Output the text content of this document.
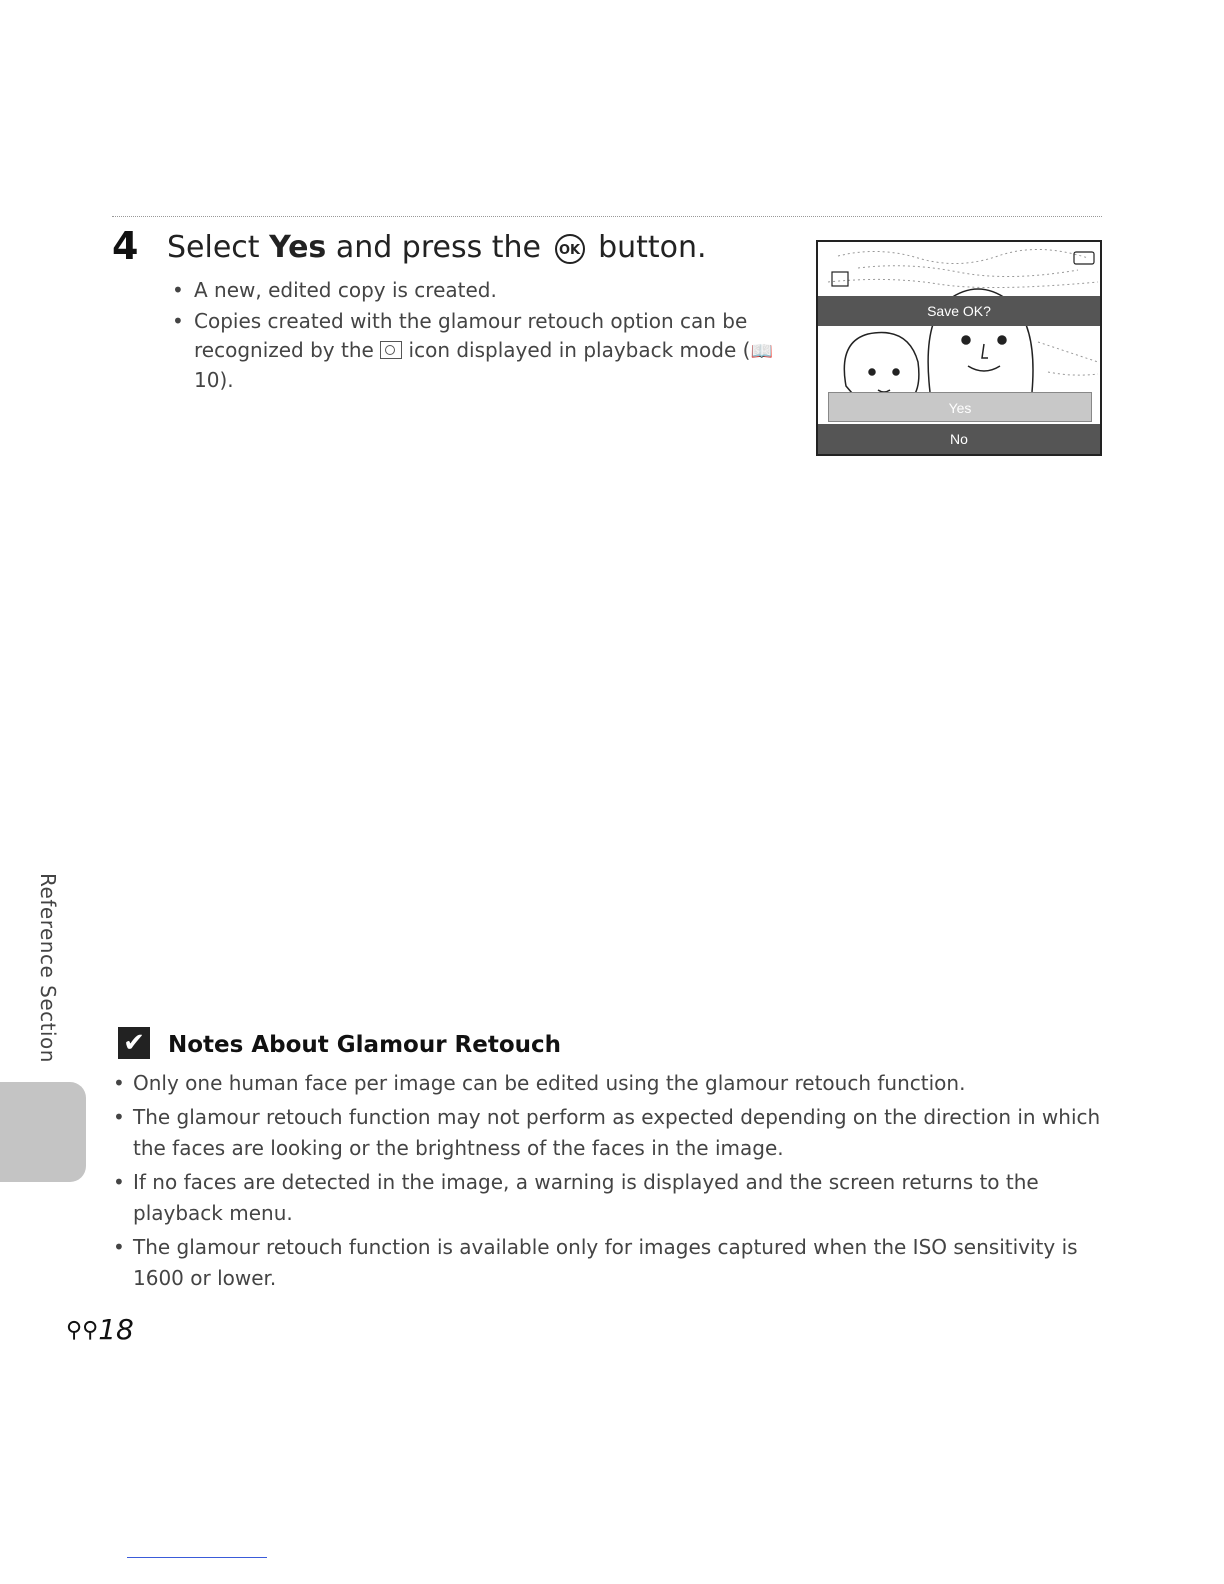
4 Select Yes and press the OK button.
• A new, edited copy is created.
• Copies created with the glamour retouch option can be recognized by the  icon displayed in playback mode (📖10).
Save OK?
Yes
No
Reference Section ✔ Notes About Glamour Retouch
• Only one human face per image can be edited using the glamour retouch function.
• The glamour retouch function may not perform as expected depending on the direction in which the faces are looking or the brightness of the faces in the image.
• If no faces are detected in the image, a warning is displayed and the screen returns to the playback menu.
• The glamour retouch function is available only for images captured when the ISO sensitivity is 1600 or lower.
⚲⚲18
